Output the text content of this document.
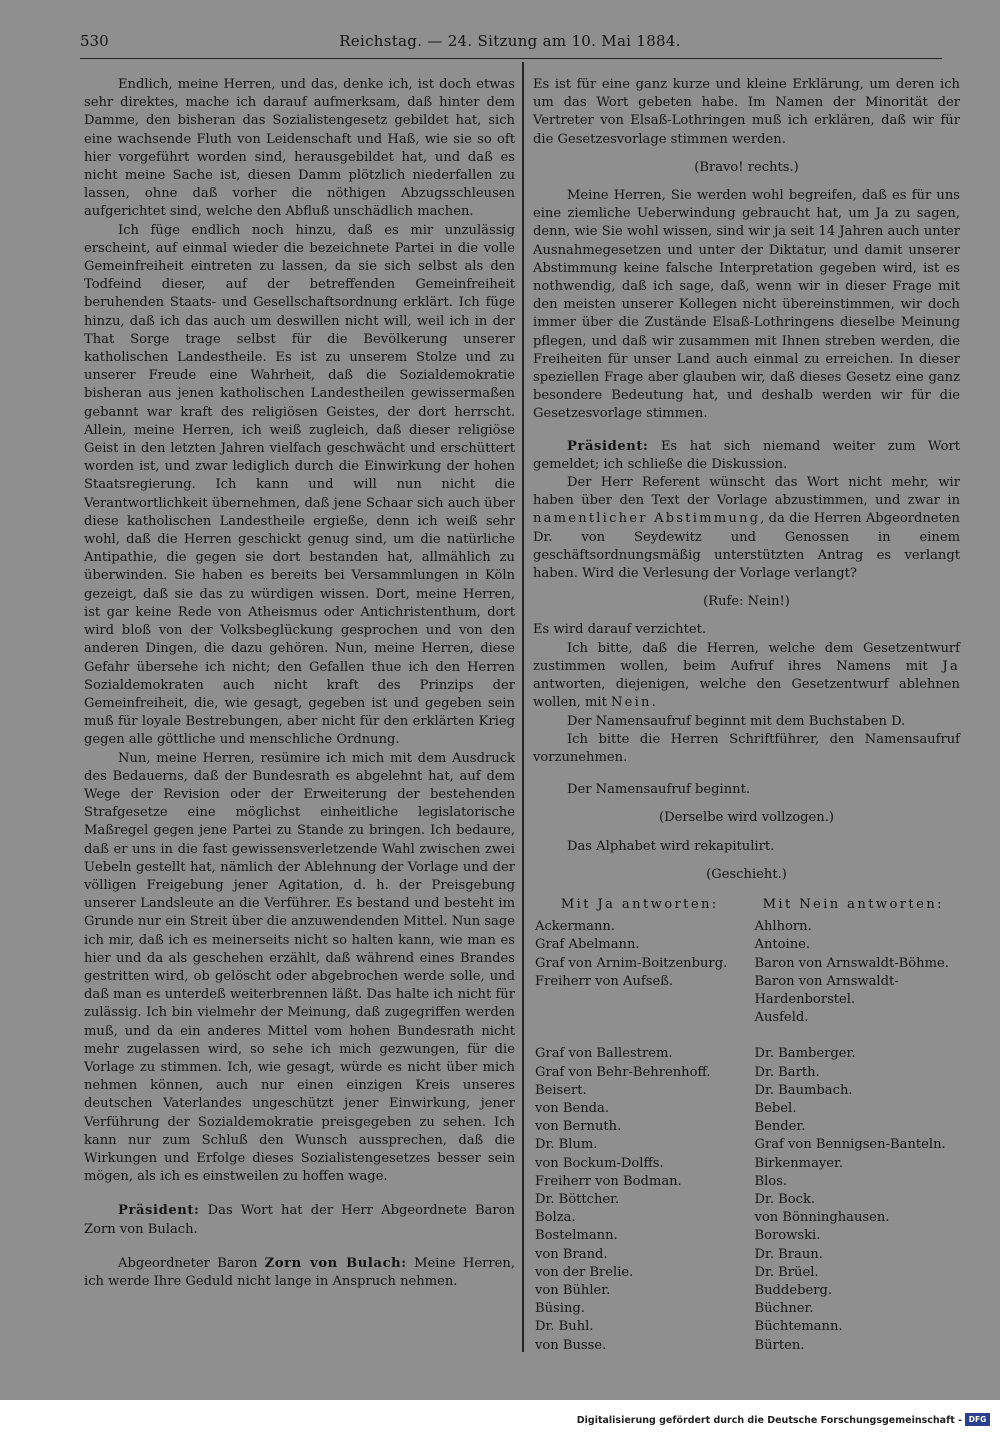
530	Reichstag. — 24. Sitzung am 10. Mai 1884.

Endlich, meine Herren, und das, denke ich, ist doch etwas sehr direktes, mache ich darauf aufmerksam, daß hinter dem Damme, den bisheran das Sozialistengesetz gebildet hat, sich eine wachsende Fluth von Leidenschaft und Haß, wie sie so oft hier vorgeführt worden sind, herausgebildet hat, und daß es nicht meine Sache ist, diesen Damm plötzlich niederfallen zu lassen, ohne daß vorher die nöthigen Abzugsschleusen aufgerichtet sind, welche den Abfluß unschädlich machen.

Ich füge endlich noch hinzu, daß es mir unzulässig erscheint, auf einmal wieder die bezeichnete Partei in die volle Gemeinfreiheit eintreten zu lassen, da sie sich selbst als den Todfeind dieser, auf der betreffenden Gemeinfreiheit beruhenden Staats- und Gesellschaftsordnung erklärt. Ich füge hinzu, daß ich das auch um deswillen nicht will, weil ich in der That Sorge trage selbst für die Bevölkerung unserer katholischen Landestheile. Es ist zu unserem Stolze und zu unserer Freude eine Wahrheit, daß die Sozialdemokratie bisheran aus jenen katholischen Landestheilen gewissermaßen gebannt war kraft des religiösen Geistes, der dort herrscht. Allein, meine Herren, ich weiß zugleich, daß dieser religiöse Geist in den letzten Jahren vielfach geschwächt und erschüttert worden ist, und zwar lediglich durch die Einwirkung der hohen Staatsregierung. Ich kann und will nun nicht die Verantwortlichkeit übernehmen, daß jene Schaar sich auch über diese katholischen Landestheile ergieße, denn ich weiß sehr wohl, daß die Herren geschickt genug sind, um die natürliche Antipathie, die gegen sie dort bestanden hat, allmählich zu überwinden. Sie haben es bereits bei Versammlungen in Köln gezeigt, daß sie das zu würdigen wissen. Dort, meine Herren, ist gar keine Rede von Atheismus oder Antichristenthum, dort wird bloß von der Volksbeglückung gesprochen und von den anderen Dingen, die dazu gehören. Nun, meine Herren, diese Gefahr übersehe ich nicht; den Gefallen thue ich den Herren Sozialdemokraten auch nicht kraft des Prinzips der Gemeinfreiheit, die, wie gesagt, gegeben ist und gegeben sein muß für loyale Bestrebungen, aber nicht für den erklärten Krieg gegen alle göttliche und menschliche Ordnung.

Nun, meine Herren, resümire ich mich mit dem Ausdruck des Bedauerns, daß der Bundesrath es abgelehnt hat, auf dem Wege der Revision oder der Erweiterung der bestehenden Strafgesetze eine möglichst einheitliche legislatorische Maßregel gegen jene Partei zu Stande zu bringen. Ich bedaure, daß er uns in die fast gewissensverletzende Wahl zwischen zwei Uebeln gestellt hat, nämlich der Ablehnung der Vorlage und der völligen Freigebung jener Agitation, d. h. der Preisgebung unserer Landsleute an die Verführer. Es bestand und besteht im Grunde nur ein Streit über die anzuwendenden Mittel. Nun sage ich mir, daß ich es meinerseits nicht so halten kann, wie man es hier und da als geschehen erzählt, daß während eines Brandes gestritten wird, ob gelöscht oder abgebrochen werde solle, und daß man es unterdeß weiterbrennen läßt. Das halte ich nicht für zulässig. Ich bin vielmehr der Meinung, daß zugegriffen werden muß, und da ein anderes Mittel vom hohen Bundesrath nicht mehr zugelassen wird, so sehe ich mich gezwungen, für die Vorlage zu stimmen. Ich, wie gesagt, würde es nicht über mich nehmen können, auch nur einen einzigen Kreis unseres deutschen Vaterlandes ungeschützt jener Einwirkung, jener Verführung der Sozialdemokratie preisgegeben zu sehen. Ich kann nur zum Schluß den Wunsch aussprechen, daß die Wirkungen und Erfolge dieses Sozialistengesetzes besser sein mögen, als ich es einstweilen zu hoffen wage.

Präsident: Das Wort hat der Herr Abgeordnete Baron Zorn von Bulach.

Abgeordneter Baron Zorn von Bulach: Meine Herren, ich werde Ihre Geduld nicht lange in Anspruch nehmen.

Es ist für eine ganz kurze und kleine Erklärung, um deren ich um das Wort gebeten habe. Im Namen der Minorität der Vertreter von Elsaß-Lothringen muß ich erklären, daß wir für die Gesetzesvorlage stimmen werden.

(Bravo! rechts.)

Meine Herren, Sie werden wohl begreifen, daß es für uns eine ziemliche Ueberwindung gebraucht hat, um Ja zu sagen, denn, wie Sie wohl wissen, sind wir ja seit 14 Jahren auch unter Ausnahmegesetzen und unter der Diktatur, und damit unserer Abstimmung keine falsche Interpretation gegeben wird, ist es nothwendig, daß ich sage, daß, wenn wir in dieser Frage mit den meisten unserer Kollegen nicht übereinstimmen, wir doch immer über die Zustände Elsaß-Lothringens dieselbe Meinung pflegen, und daß wir zusammen mit Ihnen streben werden, die Freiheiten für unser Land auch einmal zu erreichen. In dieser speziellen Frage aber glauben wir, daß dieses Gesetz eine ganz besondere Bedeutung hat, und deshalb werden wir für die Gesetzesvorlage stimmen.

Präsident: Es hat sich niemand weiter zum Wort gemeldet; ich schließe die Diskussion.

Der Herr Referent wünscht das Wort nicht mehr, wir haben über den Text der Vorlage abzustimmen, und zwar in namentlicher Abstimmung, da die Herren Abgeordneten Dr. von Seydewitz und Genossen in einem geschäftsordnungsmäßig unterstützten Antrag es verlangt haben. Wird die Verlesung der Vorlage verlangt?

(Rufe: Nein!)

Es wird darauf verzichtet.

Ich bitte, daß die Herren, welche dem Gesetzentwurf zustimmen wollen, beim Aufruf ihres Namens mit Ja antworten, diejenigen, welche den Gesetzentwurf ablehnen wollen, mit Nein.

Der Namensaufruf beginnt mit dem Buchstaben D.

Ich bitte die Herren Schriftführer, den Namensaufruf vorzunehmen.

Der Namensaufruf beginnt.

(Derselbe wird vollzogen.)

Das Alphabet wird rekapitulirt.

(Geschieht.)

Mit Ja antworten:	Mit Nein antworten:
Ackermann.	Ahlhorn.
Graf Abelmann.	Antoine.
Graf von Arnim-Boitzenburg.	Baron von Arnswaldt-Böhme.
Freiherr von Aufseß.	Baron von Arnswaldt-Hardenborstel.
	Ausfeld.

Graf von Ballestrem.	Dr. Bamberger.
Graf von Behr-Behrenhoff.	Dr. Barth.
Beisert.	Dr. Baumbach.
von Benda.	Bebel.
von Bernuth.	Bender.
Dr. Blum.	Graf von Bennigsen-Banteln.
von Bockum-Dolffs.	Birkenmayer.
Freiherr von Bodman.	Blos.
Dr. Böttcher.	Dr. Bock.
Bolza.	von Bönninghausen.
Bostelmann.	Borowski.
von Brand.	Dr. Braun.
von der Brelie.	Dr. Brüel.
von Bühler.	Buddeberg.
Büsing.	Büchner.
Dr. Buhl.	Büchtemann.
von Busse.	Bürten.
Digitalisierung gefördert durch die Deutsche Forschungsgemeinschaft - DFG
